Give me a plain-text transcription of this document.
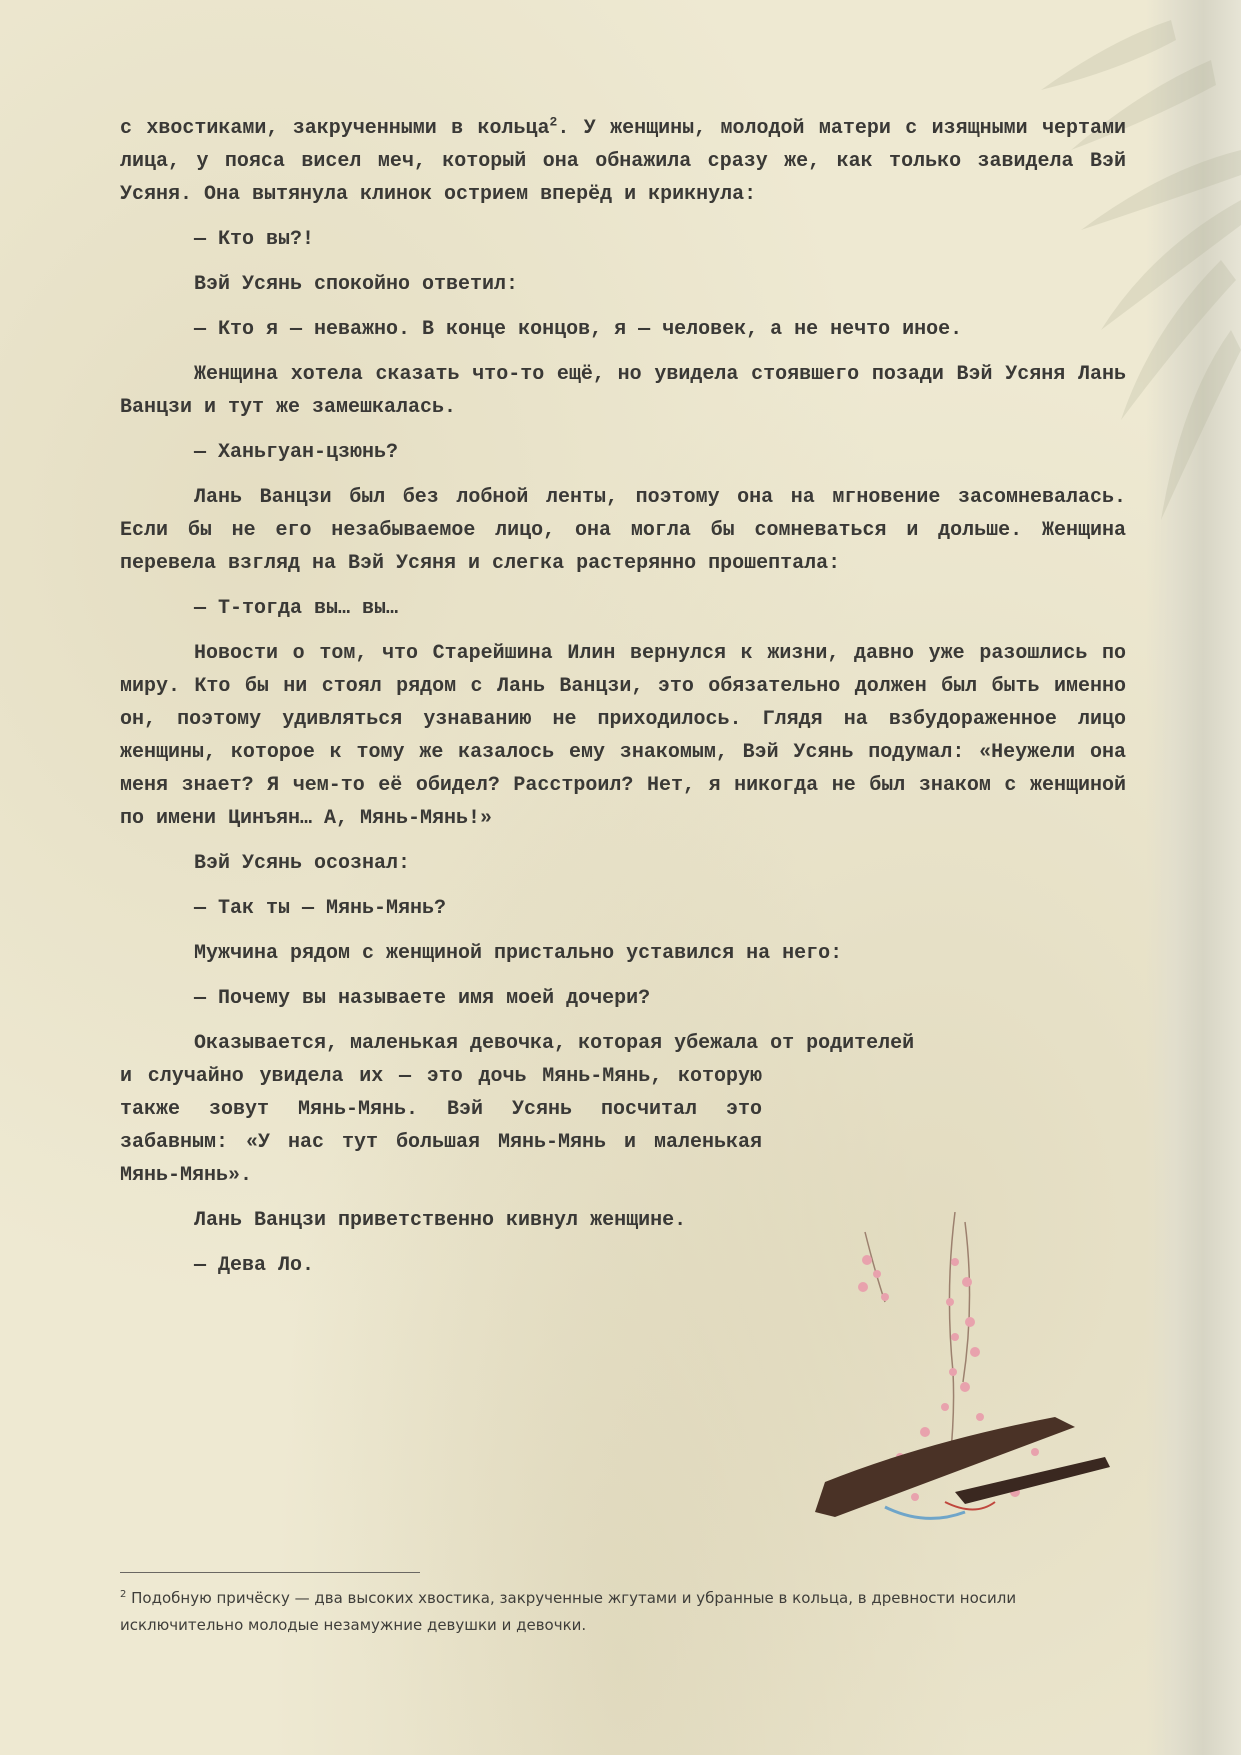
с хвостиками, закрученными в кольца$^2$. У женщины, молодой матери с изящными чертами лица, у пояса висел меч, который она обнажила сразу же, как только завидела Вэй Усяня. Она вытянула клинок остриeм вперёд и крикнула:

— Кто вы?!

Вэй Усянь спокойно ответил:

— Кто я — неважно. В конце концов, я — человек, а не нечто иное.

Женщина хотела сказать что-то ещё, но увидела стоявшего позади Вэй Усяня Лань Ванцзи и тут же замешкалась.

— Ханьгуан-цзюнь?

Лань Ванцзи был без лобной ленты, поэтому она на мгновение засомневалась. Если бы не его незабываемое лицо, она могла бы сомневаться и дольше. Женщина перевела взгляд на Вэй Усяня и слегка растерянно прошептала:

— Т-тогда вы… вы…

Новости о том, что Старейшина Илин вернулся к жизни, давно уже разошлись по миру. Кто бы ни стоял рядом с Лань Ванцзи, это обязательно должен был быть именно он, поэтому удивляться узнаванию не приходилось. Глядя на взбудораженное лицо женщины, которое к тому же казалось ему знакомым, Вэй Усянь подумал: «Неужели она меня знает? Я чем-то её обидел? Расстроил? Нет, я никогда не был знаком с женщиной по имени Цинъян… А, Мянь-Мянь!»

Вэй Усянь осознал:

— Так ты — Мянь-Мянь?

Мужчина рядом с женщиной пристально уставился на него:

— Почему вы называете имя моей дочери?

Оказывается, маленькая девочка, которая убежала от родителей

и случайно увидела их — это дочь Мянь-Мянь, которую также зовут Мянь-Мянь. Вэй Усянь посчитал это забавным: «У нас тут большая Мянь-Мянь и маленькая Мянь-Мянь».

Лань Ванцзи приветственно кивнул женщине.

— Дева Ло.

$^2$ Подобную причёску — два высоких хвостика, закрученные жгутами и убранные в кольца, в древности носили исключительно молодые незамужние девушки и девочки.
